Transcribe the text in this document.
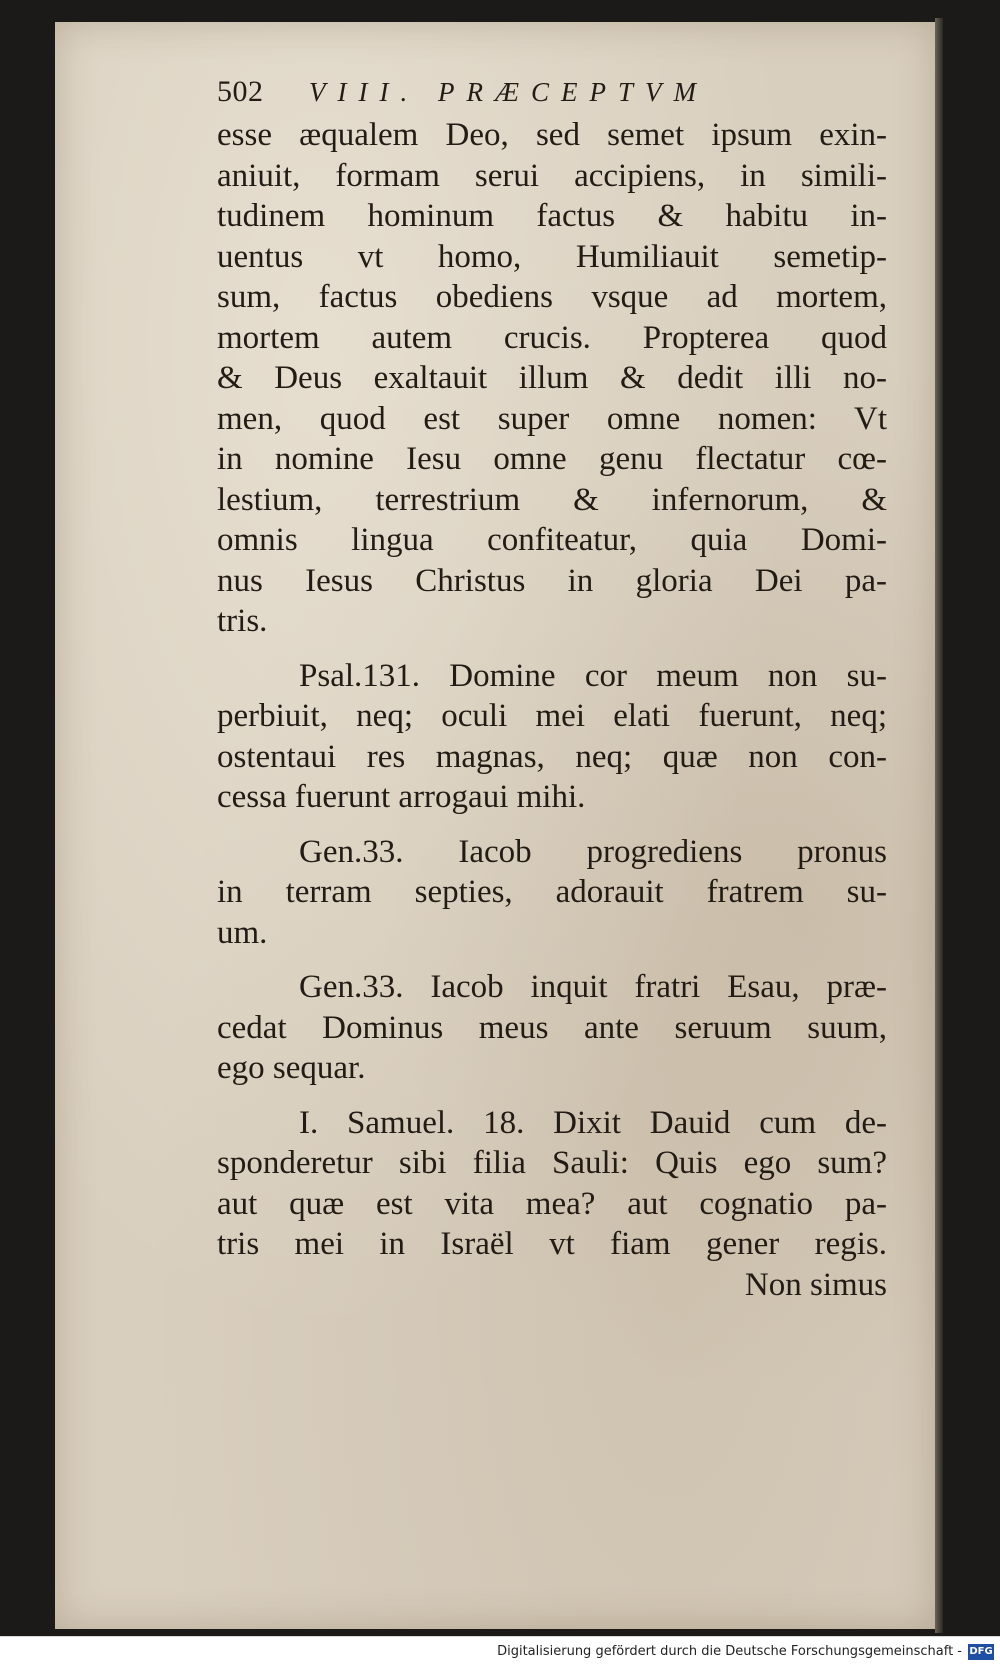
502	VIII. PRÆCEPTVM
esse æqualem Deo, sed semet ipsum exin-
aniuit, formam serui accipiens, in simili-
tudinem hominum factus & habitu in-
uentus vt homo, Humiliauit semetip-
sum, factus obediens vsque ad mortem,
mortem autem crucis. Propterea quod
& Deus exaltauit illum & dedit illi no-
men, quod est super omne nomen: Vt
in nomine Iesu omne genu flectatur cœ-
lestium, terrestrium & infernorum, &
omnis lingua confiteatur, quia Domi-
nus Iesus Christus in gloria Dei pa-
tris.
Psal.131. Domine cor meum non su-
perbiuit, neq; oculi mei elati fuerunt, neq;
ostentaui res magnas, neq; quæ non con-
cessa fuerunt arrogaui mihi.
Gen.33. Iacob progrediens pronus
in terram septies, adorauit fratrem su-
um.
Gen.33. Iacob inquit fratri Esau, præ-
cedat Dominus meus ante seruum suum,
ego sequar.
I. Samuel. 18. Dixit Dauid cum de-
sponderetur sibi filia Sauli: Quis ego sum?
aut quæ est vita mea? aut cognatio pa-
tris mei in Israël vt fiam gener regis.
Non simus
Digitalisierung gefördert durch die Deutsche Forschungsgemeinschaft - DFG
